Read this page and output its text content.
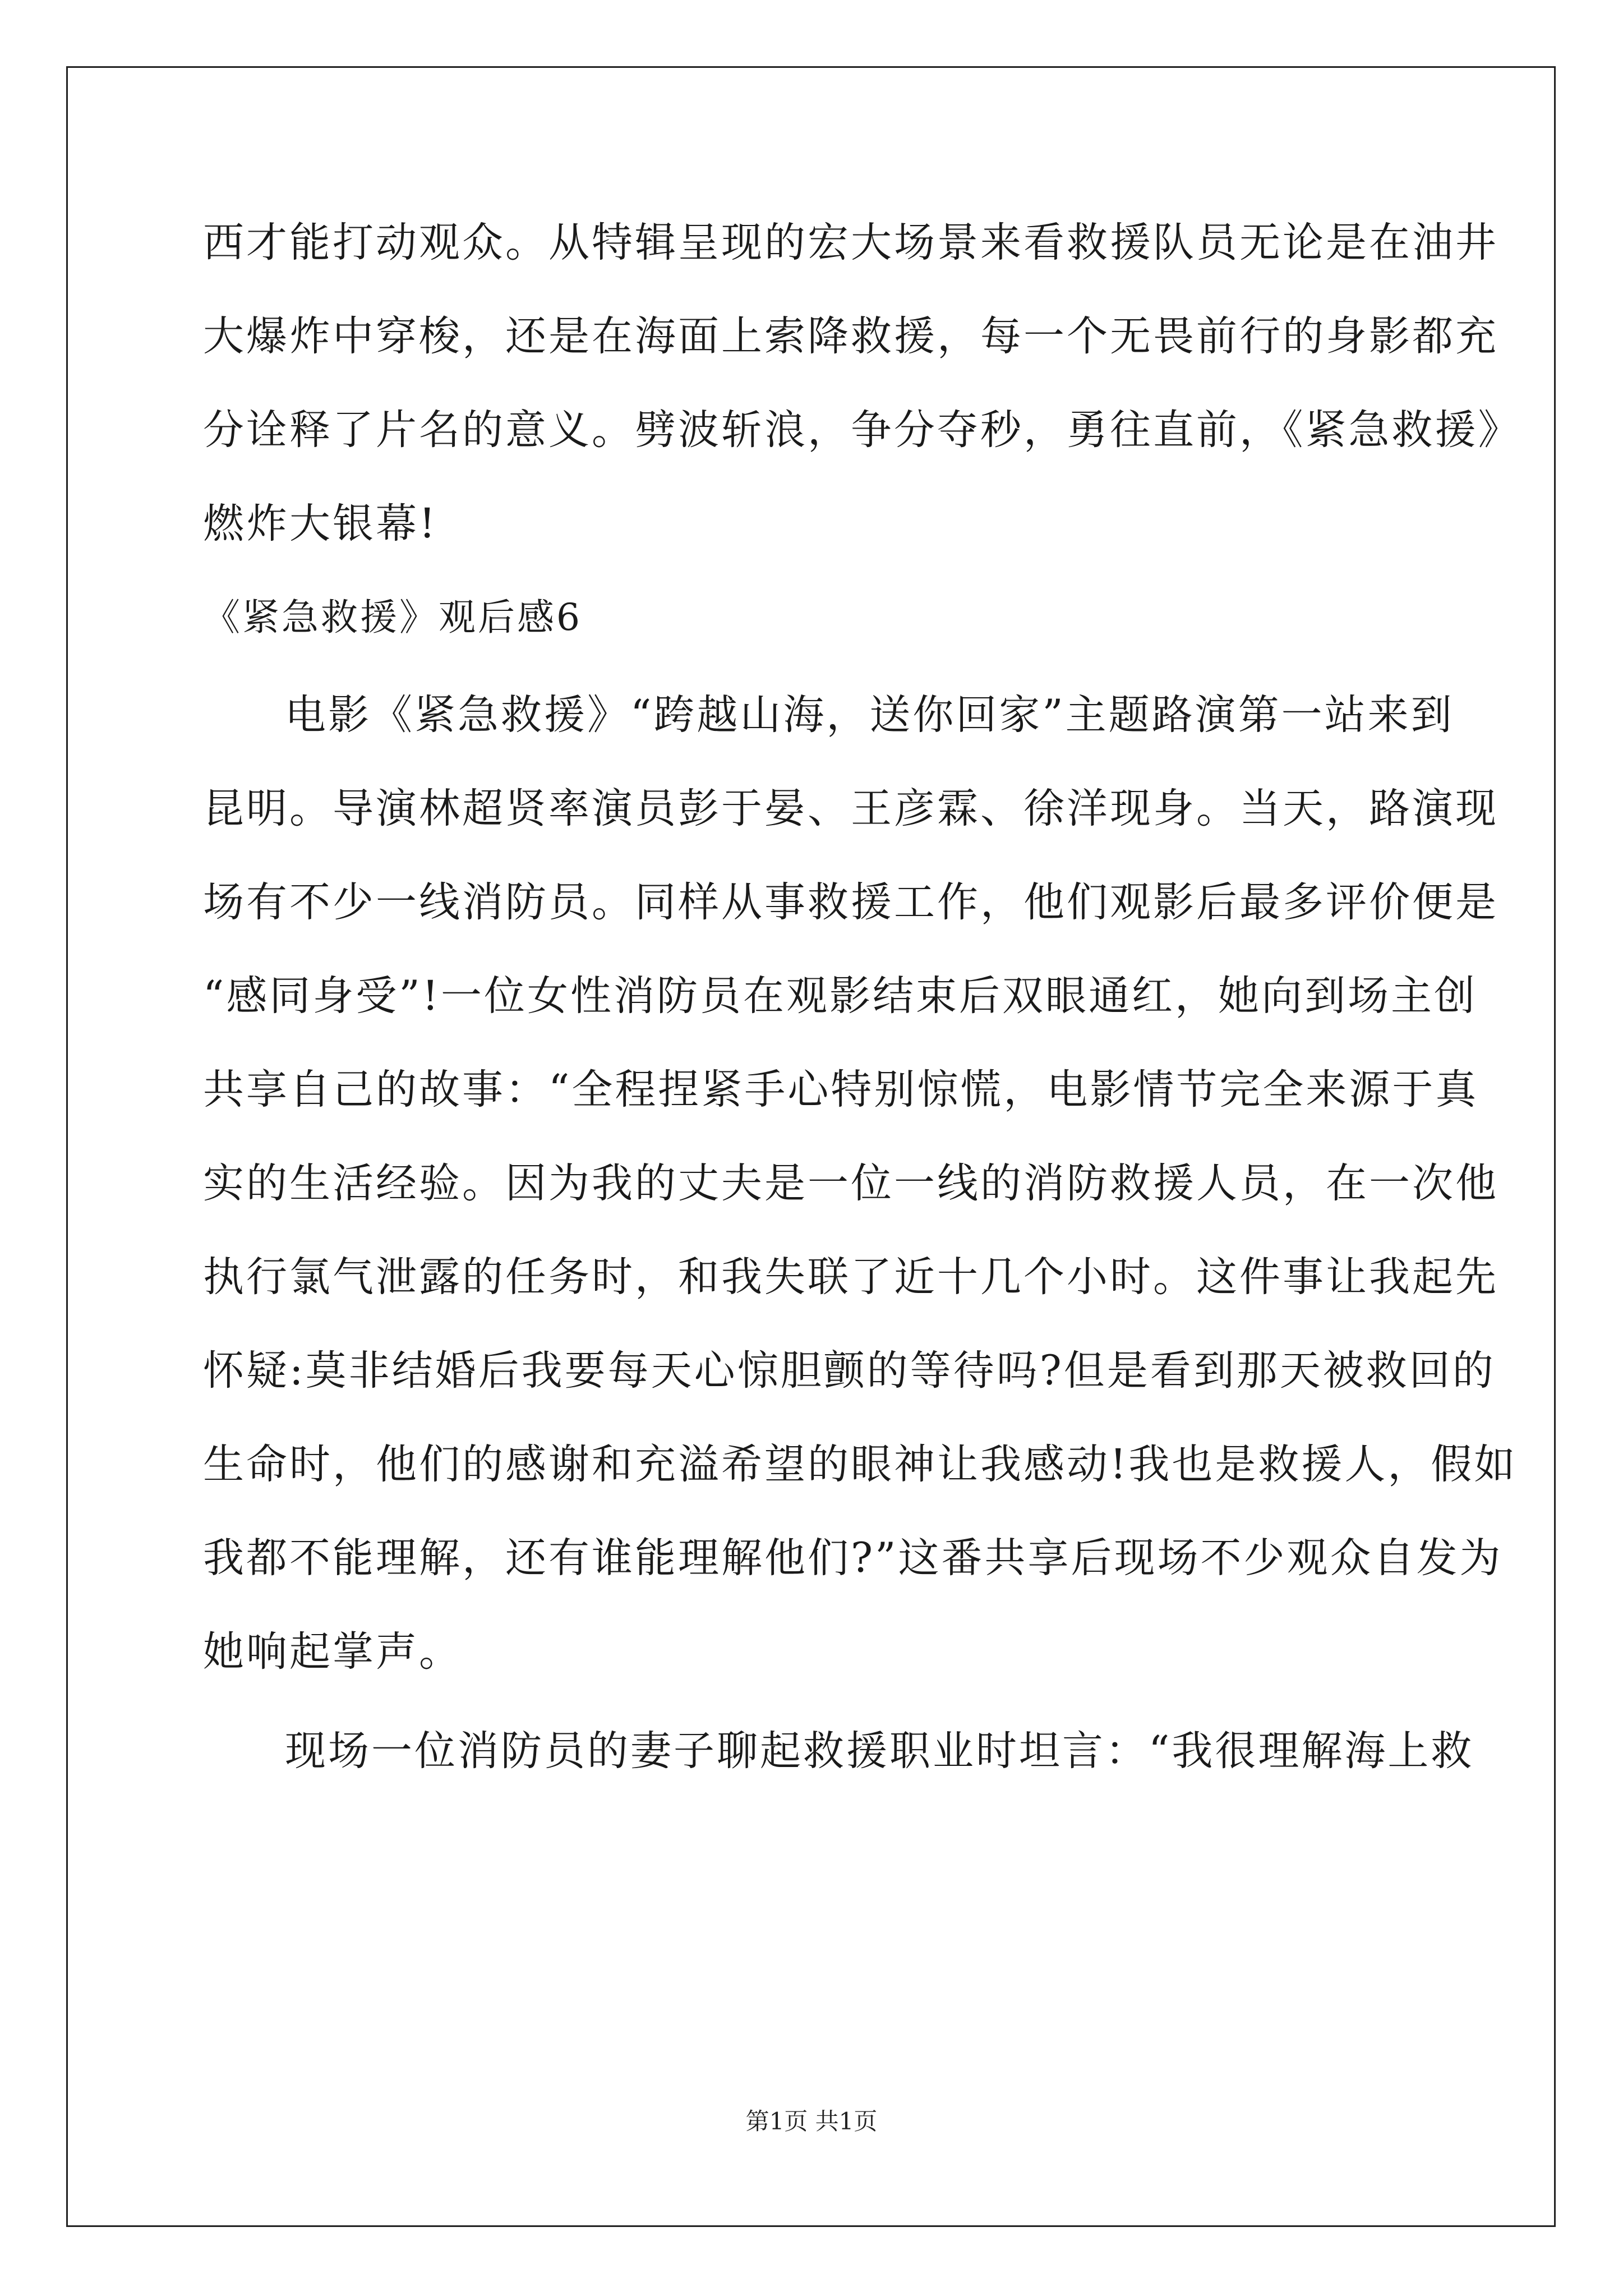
西才能打动观众。从特辑呈现的宏大场景来看救援队员无论是在油井
大爆炸中穿梭，还是在海面上索降救援，每一个无畏前行的身影都充
分诠释了片名的意义。劈波斩浪，争分夺秒，勇往直前，《紧急救援》
燃炸大银幕!
《紧急救援》观后感6
电影《紧急救援》“跨越山海，送你回家”主题路演第一站来到
昆明。导演林超贤率演员彭于晏、王彦霖、徐洋现身。当天，路演现
场有不少一线消防员。同样从事救援工作，他们观影后最多评价便是
“感同身受”!一位女性消防员在观影结束后双眼通红，她向到场主创
共享自己的故事：“全程捏紧手心特别惊慌，电影情节完全来源于真
实的生活经验。因为我的丈夫是一位一线的消防救援人员，在一次他
执行氯气泄露的任务时，和我失联了近十几个小时。这件事让我起先
怀疑:莫非结婚后我要每天心惊胆颤的等待吗?但是看到那天被救回的
生命时，他们的感谢和充溢希望的眼神让我感动!我也是救援人，假如
我都不能理解，还有谁能理解他们?”这番共享后现场不少观众自发为
她响起掌声。
现场一位消防员的妻子聊起救援职业时坦言：“我很理解海上救
第1页 共1页
